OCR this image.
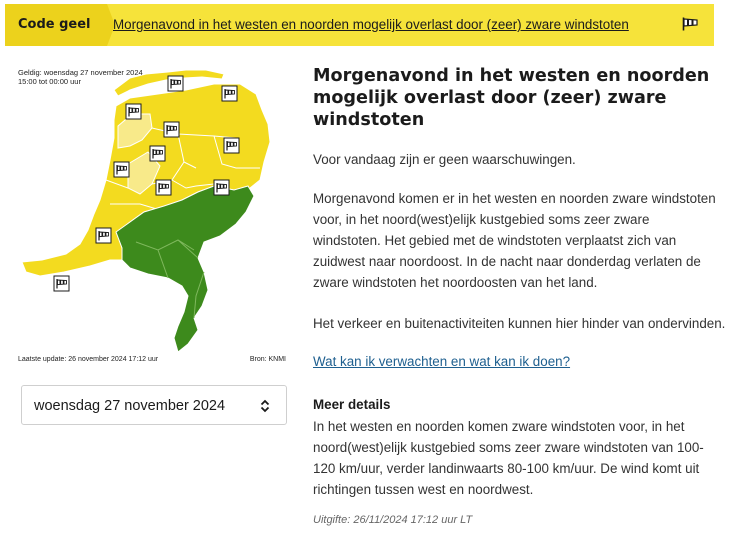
Code geel	Morgenavond in het westen en noorden mogelijk overlast door (zeer) zware windstoten
Geldig: woensdag 27 november 2024
15:00 tot 00:00 uur
Laatste update: 26 november 2024 17:12 uur	Bron: KNMI
woensdag 27 november 2024
Morgenavond in het westen en noorden
mogelijk overlast door (zeer) zware
windstoten

Voor vandaag zijn er geen waarschuwingen.

Morgenavond komen er in het westen en noorden zware windstoten voor, in het noord(west)elijk kustgebied soms zeer zware windstoten. Het gebied met de windstoten verplaatst zich van zuidwest naar noordoost. In de nacht naar donderdag verlaten de zware windstoten het noordoosten van het land.

Het verkeer en buitenactiviteiten kunnen hier hinder van ondervinden.

Wat kan ik verwachten en wat kan ik doen?
Meer details

In het westen en noorden komen zware windstoten voor, in het noord(west)elijk kustgebied soms zeer zware windstoten van 100-120 km/uur, verder landinwaarts 80-100 km/uur. De wind komt uit richtingen tussen west en noordwest.

Uitgifte: 26/11/2024 17:12 uur LT
